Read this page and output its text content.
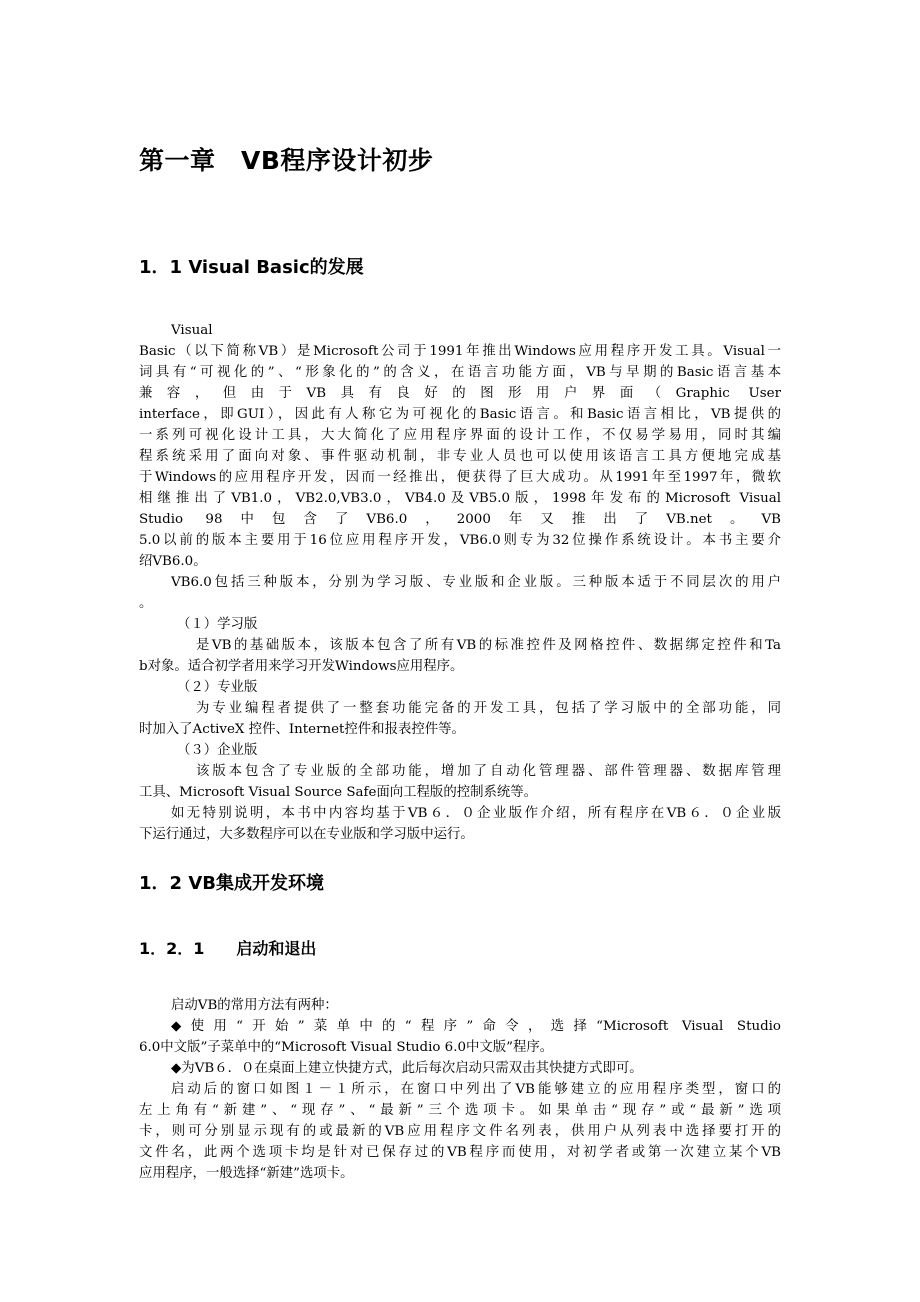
第一章　VB程序设计初步
1．1 Visual Basic的发展
Visual
Basic（以下简称VB）是Microsoft公司于1991年推出Windows应用程序开发工具。Visual一
词具有“可视化的”、“形象化的”的含义，在语言功能方面，VB与早期的Basic语言基本
兼容，但由于VB具有良好的图形用户界面（Graphic User
interface，即GUI），因此有人称它为可视化的Basic语言。和Basic语言相比，VB提供的
一系列可视化设计工具，大大简化了应用程序界面的设计工作，不仅易学易用，同时其编
程系统采用了面向对象、事件驱动机制，非专业人员也可以使用该语言工具方便地完成基
于Windows的应用程序开发，因而一经推出，便获得了巨大成功。从1991年至1997年，微软
相继推出了VB1.0，VB2.0,VB3.0，VB4.0及VB5.0版，1998年发布的Microsoft Visual
Studio 98中包含了VB6.0，2000年又推出了VB.net。VB
5.0以前的版本主要用于16位应用程序开发，VB6.0则专为32位操作系统设计。本书主要介
绍VB6.0。
VB6.0包括三种版本，分别为学习版、专业版和企业版。三种版本适于不同层次的用户
。
（１）学习版
是VB的基础版本，该版本包含了所有VB的标准控件及网格控件、数据绑定控件和Ta
b对象。适合初学者用来学习开发Windows应用程序。
（２）专业版
为专业编程者提供了一整套功能完备的开发工具，包括了学习版中的全部功能，同
时加入了ActiveX 控件、Internet控件和报表控件等。
（３）企业版
该版本包含了专业版的全部功能，增加了自动化管理器、部件管理器、数据库管理
工具、Microsoft Visual Source Safe面向工程版的控制系统等。
如无特别说明，本书中内容均基于VB６．０企业版作介绍，所有程序在VB６．０企业版
下运行通过，大多数程序可以在专业版和学习版中运行。
1．2 VB集成开发环境
1．2．1　　启动和退出
启动VB的常用方法有两种：
◆使用“开始”菜单中的“程序”命令，选择“Microsoft Visual Studio
6.0中文版”子菜单中的“Microsoft Visual Studio 6.0中文版”程序。
◆为VB６．０在桌面上建立快捷方式，此后每次启动只需双击其快捷方式即可。
启动后的窗口如图１－１所示，在窗口中列出了VB能够建立的应用程序类型，窗口的
左上角有“新建”、“现存”、“最新”三个选项卡。如果单击“现存”或“最新”选项
卡，则可分别显示现有的或最新的VB应用程序文件名列表，供用户从列表中选择要打开的
文件名，此两个选项卡均是针对已保存过的VB程序而使用，对初学者或第一次建立某个VB
应用程序，一般选择“新建”选项卡。
